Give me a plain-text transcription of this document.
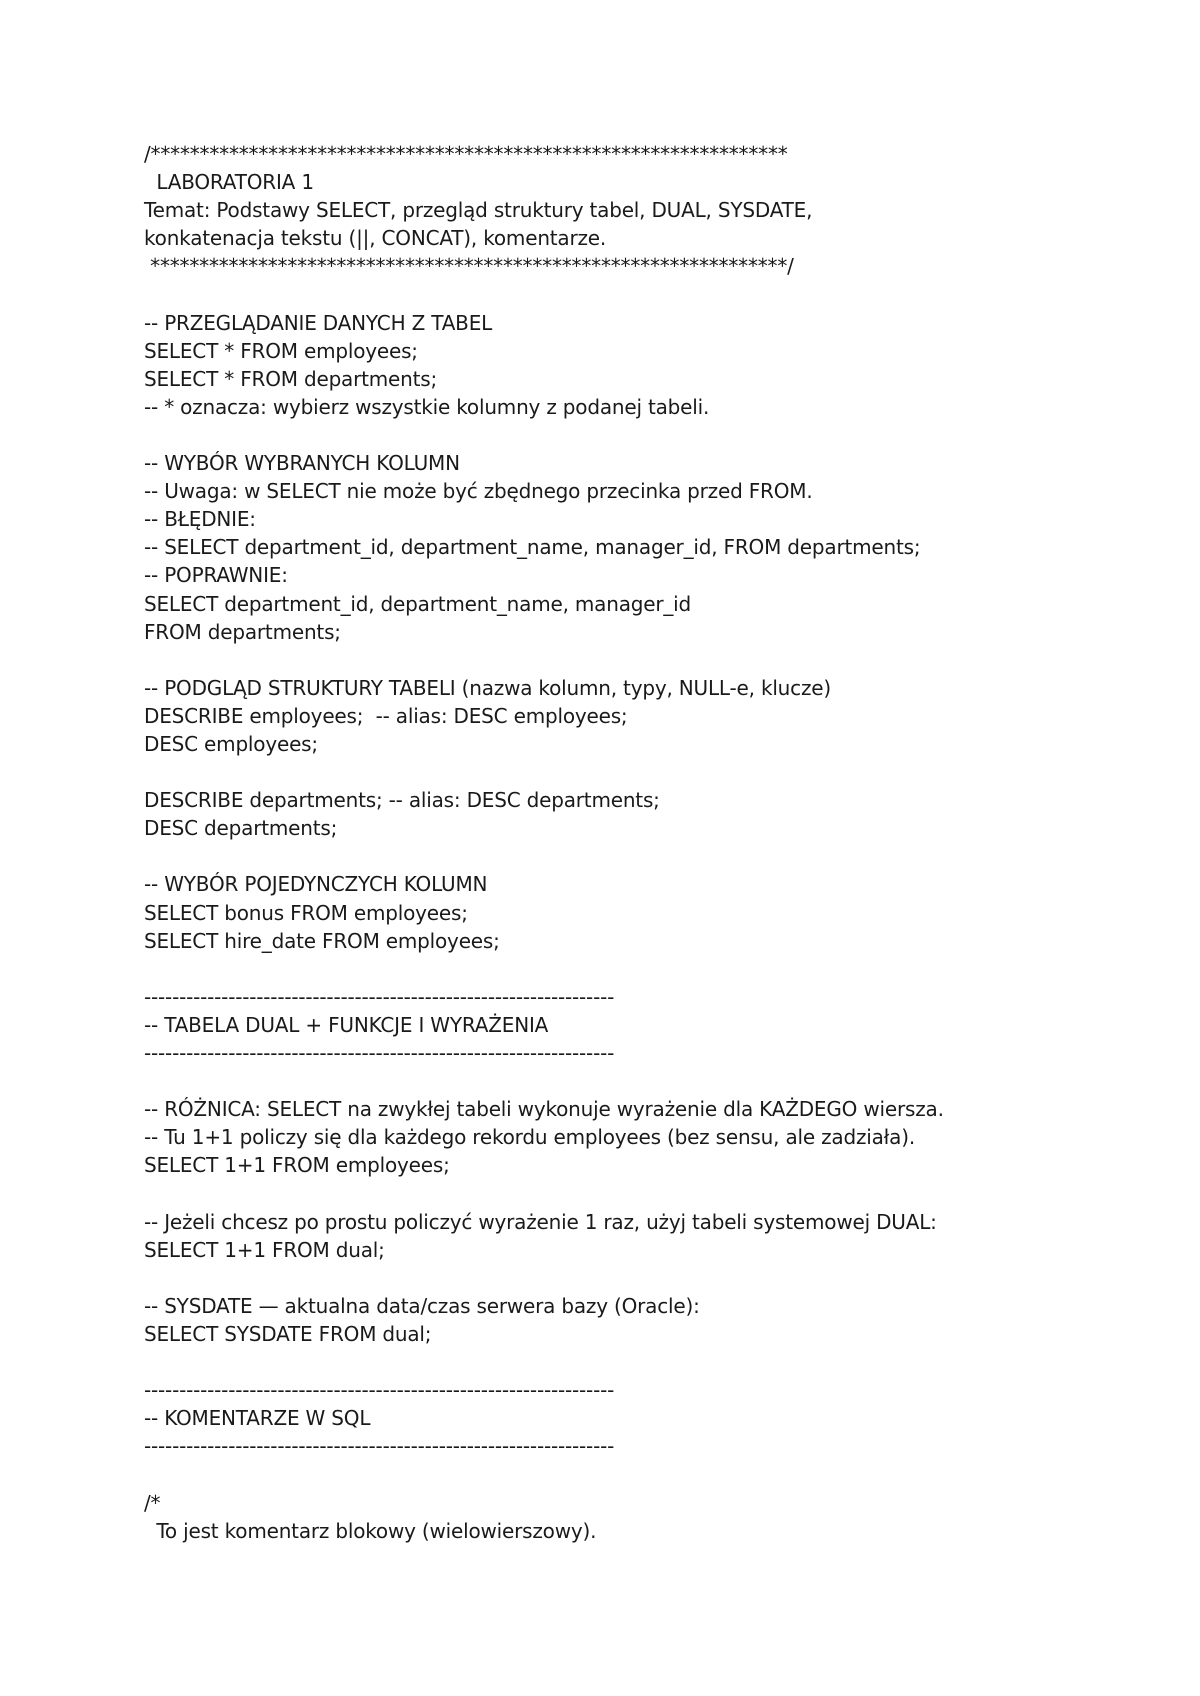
/*****************************************************************
LABORATORIA 1
Temat: Podstawy SELECT, przegląd struktury tabel, DUAL, SYSDATE,
konkatenacja tekstu (||, CONCAT), komentarze.
*****************************************************************/
-- PRZEGLĄDANIE DANYCH Z TABEL
SELECT * FROM employees;
SELECT * FROM departments;
-- * oznacza: wybierz wszystkie kolumny z podanej tabeli.
-- WYBÓR WYBRANYCH KOLUMN
-- Uwaga: w SELECT nie może być zbędnego przecinka przed FROM.
-- BŁĘDNIE:
-- SELECT department_id, department_name, manager_id, FROM departments;
-- POPRAWNIE:
SELECT department_id, department_name, manager_id
FROM departments;
-- PODGLĄD STRUKTURY TABELI (nazwa kolumn, typy, NULL-e, klucze)
DESCRIBE employees;  -- alias: DESC employees;
DESC employees;
DESCRIBE departments; -- alias: DESC departments;
DESC departments;
-- WYBÓR POJEDYNCZYCH KOLUMN
SELECT bonus FROM employees;
SELECT hire_date FROM employees;
-------------------------------------------------------------------
-- TABELA DUAL + FUNKCJE I WYRAŻENIA
-------------------------------------------------------------------
-- RÓŻNICA: SELECT na zwykłej tabeli wykonuje wyrażenie dla KAŻDEGO wiersza.
-- Tu 1+1 policzy się dla każdego rekordu employees (bez sensu, ale zadziała).
SELECT 1+1 FROM employees;
-- Jeżeli chcesz po prostu policzyć wyrażenie 1 raz, użyj tabeli systemowej DUAL:
SELECT 1+1 FROM dual;
-- SYSDATE — aktualna data/czas serwera bazy (Oracle):
SELECT SYSDATE FROM dual;
-------------------------------------------------------------------
-- KOMENTARZE W SQL
-------------------------------------------------------------------
/*
To jest komentarz blokowy (wielowierszowy).
